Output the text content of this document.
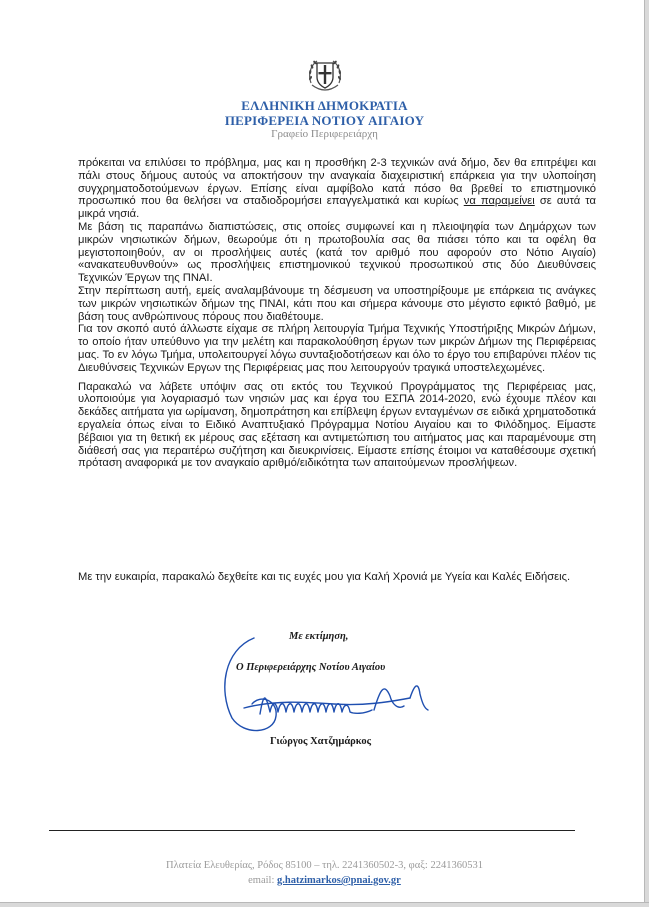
ΕΛΛΗΝΙΚΗ ΔΗΜΟΚΡΑΤΙΑ
ΠΕΡΙΦΕΡΕΙΑ ΝΟΤΙΟΥ ΑΙΓΑΙΟΥ
Γραφείο Περιφερειάρχη

πρόκειται να επιλύσει το πρόβλημα, μας και η προσθήκη 2-3 τεχνικών ανά δήμο, δεν θα επιτρέψει και πάλι στους δήμους αυτούς να αποκτήσουν την αναγκαία διαχειριστική επάρκεια για την υλοποίηση συγχρηματοδοτούμενων έργων. Επίσης είναι αμφίβολο κατά πόσο θα βρεθεί το επιστημονικό προσωπικό που θα θελήσει να σταδιοδρομήσει επαγγελματικά και κυρίως να παραμείνει σε αυτά τα μικρά νησιά.

Με βάση τις παραπάνω διαπιστώσεις, στις οποίες συμφωνεί και η πλειοψηφία των Δημάρχων των μικρών νησιωτικών δήμων, θεωρούμε ότι η πρωτοβουλία σας θα πιάσει τόπο και τα οφέλη θα μεγιστοποιηθούν, αν οι προσλήψεις αυτές (κατά τον αριθμό που αφορούν στο Νότιο Αιγαίο) «ανακατευθυνθούν» ως προσλήψεις επιστημονικού τεχνικού προσωπικού στις δύο Διευθύνσεις Τεχνικών Έργων της ΠΝΑΙ.

Στην περίπτωση αυτή, εμείς αναλαμβάνουμε τη δέσμευση να υποστηρίξουμε με επάρκεια τις ανάγκες των μικρών νησιωτικών δήμων της ΠΝΑΙ, κάτι που και σήμερα κάνουμε στο μέγιστο εφικτό βαθμό, με βάση τους ανθρώπινους πόρους που διαθέτουμε.

Για τον σκοπό αυτό άλλωστε είχαμε σε πλήρη λειτουργία Τμήμα Τεχνικής Υποστήριξης Μικρών Δήμων, το οποίο ήταν υπεύθυνο για την μελέτη και παρακολούθηση έργων των μικρών Δήμων της Περιφέρειας μας. Το εν λόγω Τμήμα, υπολειτουργεί λόγω συνταξιοδοτήσεων και όλο το έργο του επιβαρύνει πλέον τις Διευθύνσεις Τεχνικών Εργων της Περιφέρειας μας που λειτουργούν τραγικά υποστελεχωμένες.

Παρακαλώ να λάβετε υπόψιν σας οτι εκτός του Τεχνικού Προγράμματος της Περιφέρειας μας, υλοποιούμε για λογαριασμό των νησιών μας και έργα του ΕΣΠΑ 2014-2020, ενώ έχουμε πλέον και δεκάδες αιτήματα για ωρίμανση, δημοπράτηση και επίβλεψη έργων ενταγμένων σε ειδικά χρηματοδοτικά εργαλεία όπως είναι το Ειδικό Αναπτυξιακό Πρόγραμμα Νοτίου Αιγαίου και το Φιλόδημος. Είμαστε βέβαιοι για τη θετική εκ μέρους σας εξέταση και αντιμετώπιση του αιτήματος μας και παραμένουμε στη διάθεσή σας για περαιτέρω συζήτηση και διευκρινίσεις. Είμαστε επίσης έτοιμοι να καταθέσουμε σχετική πρόταση αναφορικά με τον αναγκαίο αριθμό/ειδικότητα των απαιτούμενων προσλήψεων.

Με την ευκαιρία, παρακαλώ δεχθείτε και τις ευχές μου για Καλή Χρονιά με Υγεία και Καλές Ειδήσεις.
Με εκτίμηση,
Ο Περιφερειάρχης Νοτίου Αιγαίου
Γιώργος Χατζημάρκος
Πλατεία Ελευθερίας, Ρόδος 85100 – τηλ. 2241360502-3, φαξ: 2241360531
email: g.hatzimarkos@pnai.gov.gr
